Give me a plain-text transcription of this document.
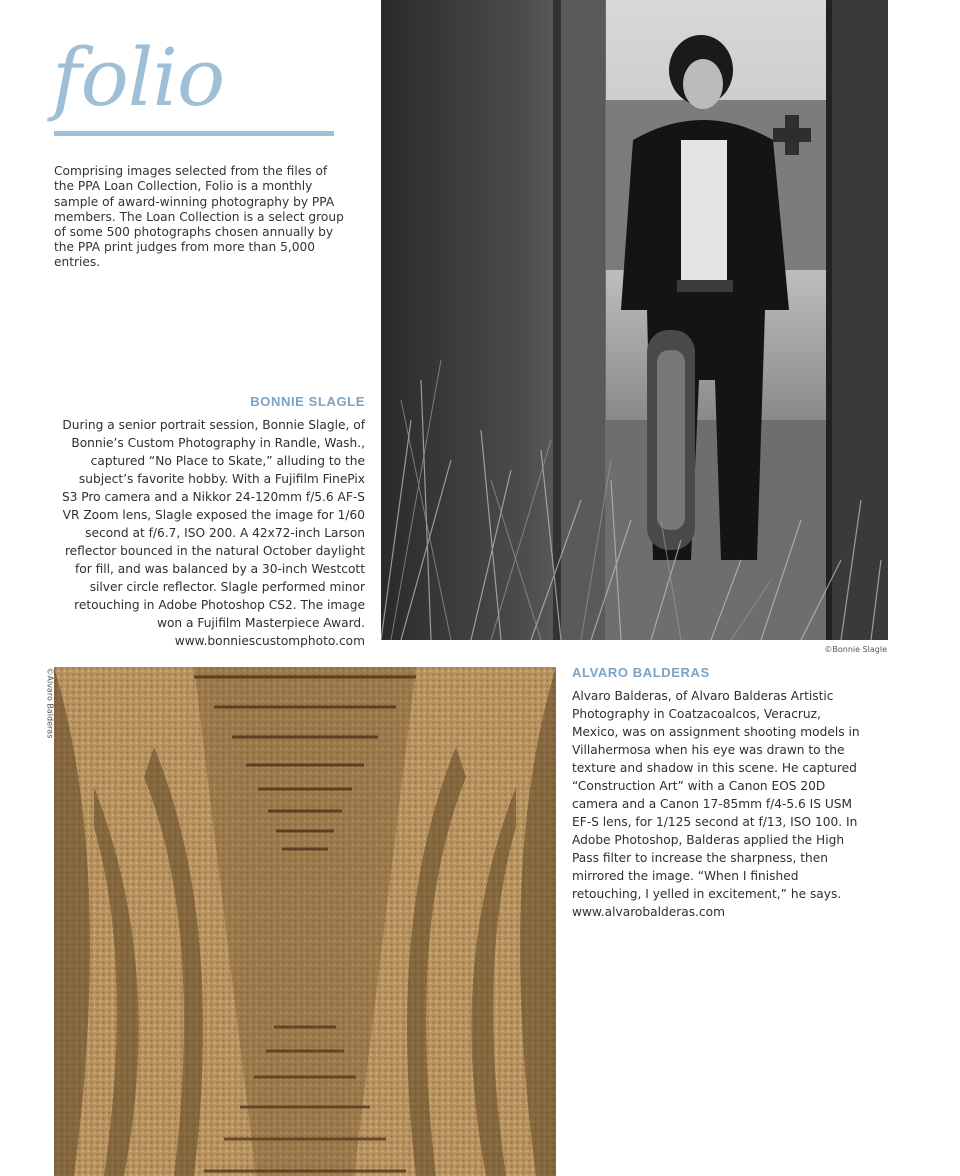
folio

Comprising images selected from the files of the PPA Loan Collection, Folio is a monthly sample of award-winning photography by PPA members. The Loan Collection is a select group of some 500 photographs chosen annually by the PPA print judges from more than 5,000 entries.

©Bonnie Slagle
BONNIE SLAGLE

During a senior portrait session, Bonnie Slagle, of Bonnie’s Custom Photography in Randle, Wash., captured “No Place to Skate,” alluding to the subject’s favorite hobby. With a Fujifilm FinePix S3 Pro camera and a Nikkor 24-120mm f/5.6 AF-S VR Zoom lens, Slagle exposed the image for 1/60 second at f/6.7, ISO 200. A 42x72-inch Larson reflector bounced in the natural October daylight for fill, and was balanced by a 30-inch Westcott silver circle reflector. Slagle performed minor retouching in Adobe Photoshop CS2. The image won a Fujifilm Masterpiece Award.
www.bonniescustomphoto.com

©Alvaro Balderas	ALVARO BALDERAS

Alvaro Balderas, of Alvaro Balderas Artistic Photography in Coatzacoalcos, Veracruz, Mexico, was on assignment shooting models in Villahermosa when his eye was drawn to the texture and shadow in this scene. He captured “Construction Art” with a Canon EOS 20D camera and a Canon 17-85mm f/4-5.6 IS USM EF-S lens, for 1/125 second at f/13, ISO 100. In Adobe Photoshop, Balderas applied the High Pass filter to increase the sharpness, then mirrored the image. “When I finished retouching, I yelled in excitement,” he says.
www.alvarobalderas.com
